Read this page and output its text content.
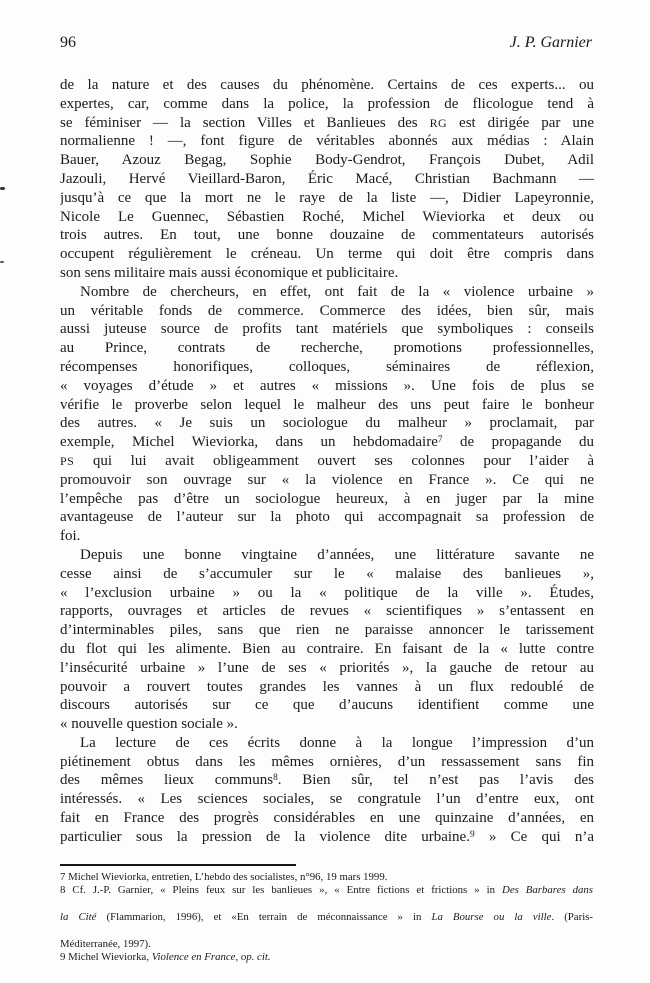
96	J. P. Garnier
de la nature et des causes du phénomène. Certains de ces experts... ou
expertes, car, comme dans la police, la profession de flicologue tend à
se féminiser — la section Villes et Banlieues des RG est dirigée par une
normalienne ! —, font figure de véritables abonnés aux médias : Alain
Bauer, Azouz Begag, Sophie Body-Gendrot, François Dubet, Adil
Jazouli, Hervé Vieillard-Baron, Éric Macé, Christian Bachmann —
jusqu’à ce que la mort ne le raye de la liste —, Didier Lapeyronnie,
Nicole Le Guennec, Sébastien Roché, Michel Wieviorka et deux ou
trois autres. En tout, une bonne douzaine de commentateurs autorisés
occupent régulièrement le créneau. Un terme qui doit être compris dans
son sens militaire mais aussi économique et publicitaire.
Nombre de chercheurs, en effet, ont fait de la « violence urbaine »
un véritable fonds de commerce. Commerce des idées, bien sûr, mais
aussi juteuse source de profits tant matériels que symboliques : conseils
au Prince, contrats de recherche, promotions professionnelles,
récompenses honorifiques, colloques, séminaires de réflexion,
« voyages d’étude » et autres « missions ». Une fois de plus se
vérifie le proverbe selon lequel le malheur des uns peut faire le bonheur
des autres. « Je suis un sociologue du malheur » proclamait, par
exemple, Michel Wieviorka, dans un hebdomadaire$^7$ de propagande du
PS qui lui avait obligeamment ouvert ses colonnes pour l’aider à
promouvoir son ouvrage sur « la violence en France ». Ce qui ne
l’empêche pas d’être un sociologue heureux, à en juger par la mine
avantageuse de l’auteur sur la photo qui accompagnait sa profession de
foi.
Depuis une bonne vingtaine d’années, une littérature savante ne
cesse ainsi de s’accumuler sur le « malaise des banlieues »,
« l’exclusion urbaine » ou la « politique de la ville ». Études,
rapports, ouvrages et articles de revues « scientifiques » s’entassent en
d’interminables piles, sans que rien ne paraisse annoncer le tarissement
du flot qui les alimente. Bien au contraire. En faisant de la « lutte contre
l’insécurité urbaine » l’une de ses « priorités », la gauche de retour au
pouvoir a rouvert toutes grandes les vannes à un flux redoublé de
discours autorisés sur ce que d’aucuns identifient comme une
« nouvelle question sociale ».
La lecture de ces écrits donne à la longue l’impression d’un
piétinement obtus dans les mêmes ornières, d’un ressassement sans fin
des mêmes lieux communs$^8$. Bien sûr, tel n’est pas l’avis des
intéressés. « Les sciences sociales, se congratule l’un d’entre eux, ont
fait en France des progrès considérables en une quinzaine d’années, en
particulier sous la pression de la violence dite urbaine.$^9$ » Ce qui n’a
7 Michel Wieviorka, entretien, L’hebdo des socialistes, n°96, 19 mars 1999.
8 Cf. J.-P. Garnier, « Pleins feux sur les banlieues », « Entre fictions et frictions » in Des Barbares dans
la Cité (Flammarion, 1996), et «En terrain de méconnaissance » in La Bourse ou la ville. (Paris-
Méditerranée, 1997).
9 Michel Wieviorka, Violence en France, op. cit.
